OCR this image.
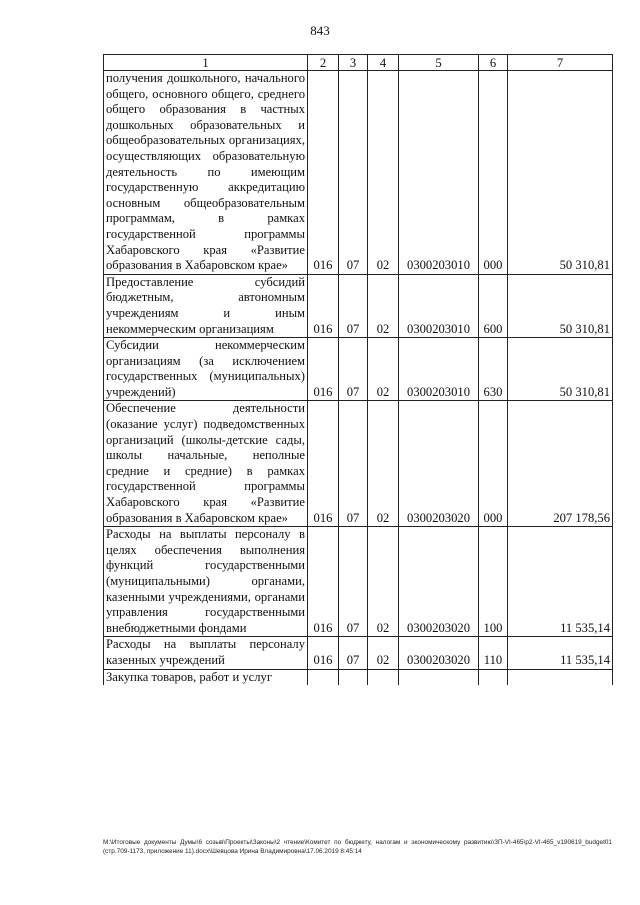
843
1	2	3	4	5	6	7
получения дошкольного, начального общего, основного общего, среднего общего образования в частных дошкольных образовательных и общеобразовательных организациях, осуществляющих образовательную деятельность по имеющим государственную аккредитацию основным общеобразовательным программам, в рамках государственной программы Хабаровского края «Развитие образования в Хабаровском крае»	016	07	02	0300203010	000	50 310,81
Предоставление субсидий бюджетным, автономным учреждениям и иным некоммерческим организациям	016	07	02	0300203010	600	50 310,81
Субсидии некоммерческим организациям (за исключением государственных (муниципальных) учреждений)	016	07	02	0300203010	630	50 310,81
Обеспечение деятельности (оказание услуг) подведомственных организаций (школы-детские сады, школы начальные, неполные средние и средние) в рамках государственной программы Хабаровского края «Развитие образования в Хабаровском крае»	016	07	02	0300203020	000	207 178,56
Расходы на выплаты персоналу в целях обеспечения выполнения функций государственными (муниципальными) органами, казенными учреждениями, органами управления государственными внебюджетными фондами	016	07	02	0300203020	100	11 535,14
Расходы на выплаты персоналу казенных учреждений	016	07	02	0300203020	110	11 535,14
Закупка товаров, работ и услуг						
М:\Итоговые документы Думы\6 созыв\Проекты\Законы\2 чтение\Комитет по бюджету, налогам и экономическому развитию\ЗП-VI-465\р2-VI-465_v190619_budget01 (стр.709-1173, приложение 11).docx\Шевцова Ирина Владимировна\17.06.2019 8:45:14
